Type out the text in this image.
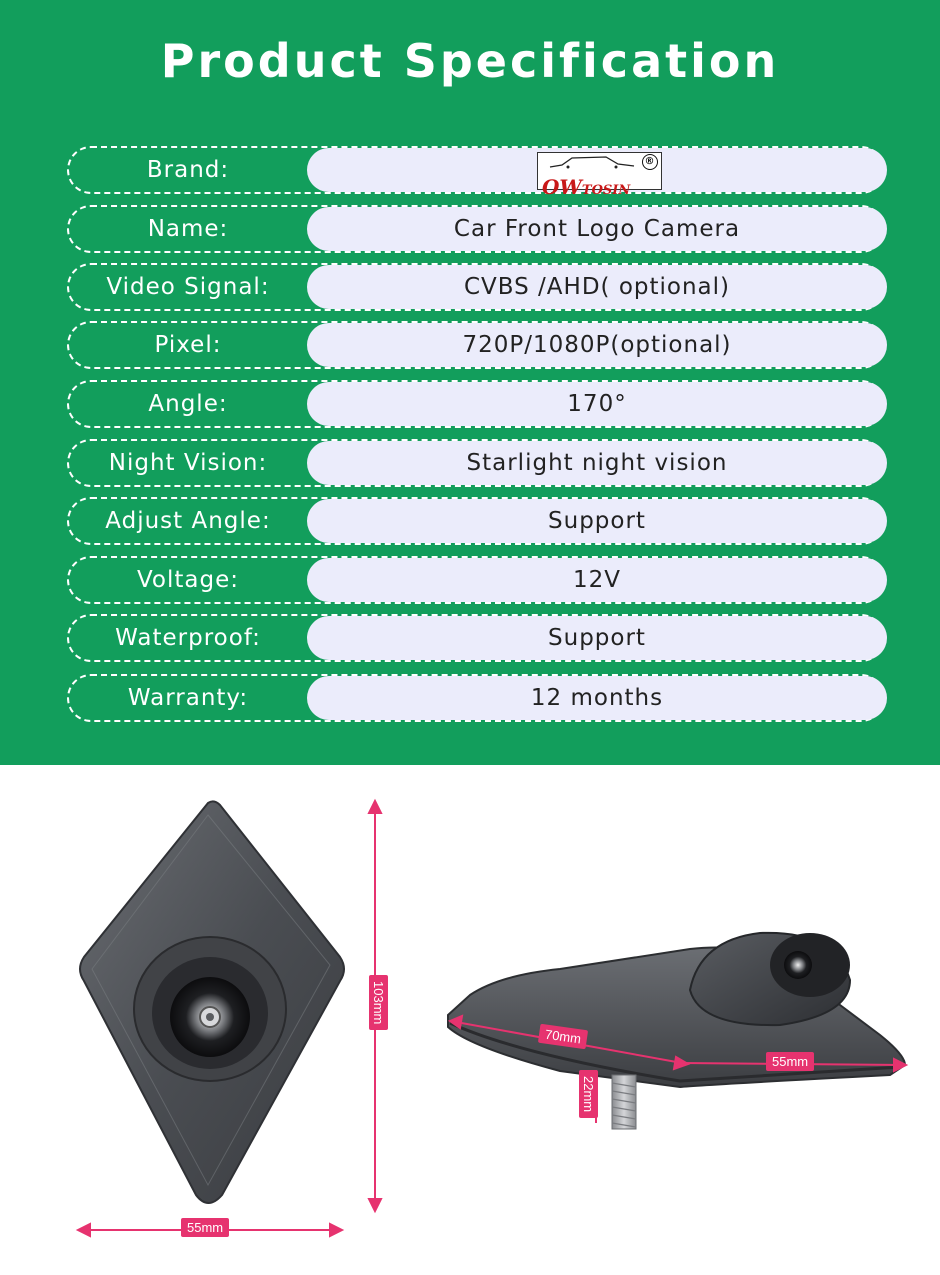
Product Specification
Brand:
OWTOSIN
®
Name:	Car Front Logo Camera
Video Signal:	CVBS /AHD( optional)
Pixel:	720P/1080P(optional)
Angle:	170°
Night Vision:	Starlight night vision
Adjust Angle:	Support
Voltage:	12V
Waterproof:	Support
Warranty:	12 months
103mm
55mm
70mm
55mm
22mm
